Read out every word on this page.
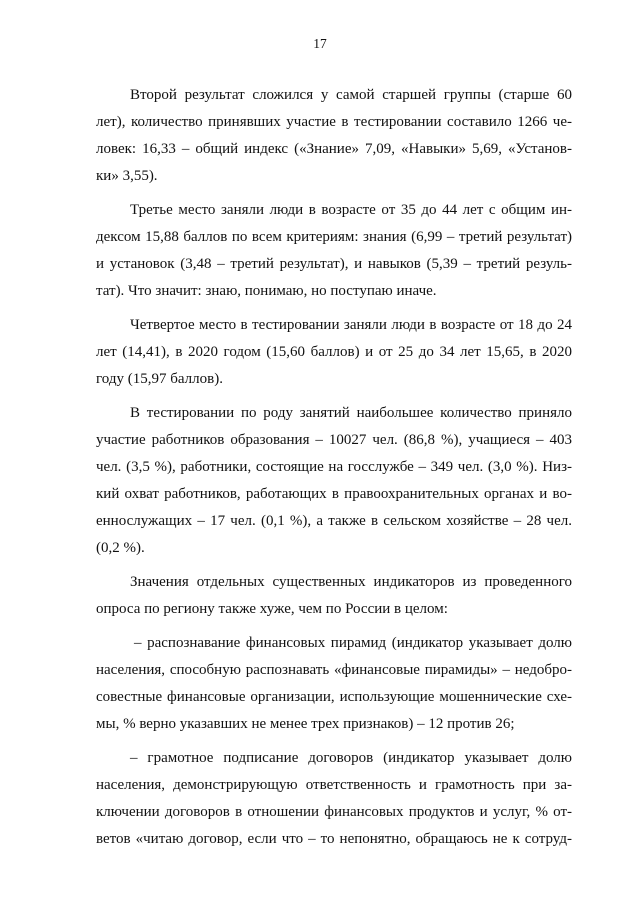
17
Второй результат сложился у самой старшей группы (старше 60
лет), количество принявших участие в тестировании составило 1266 че-
ловек: 16,33 – общий индекс («Знание» 7,09, «Навыки» 5,69, «Установ-
ки» 3,55).
Третье место заняли люди в возрасте от 35 до 44 лет с общим ин-
дексом 15,88 баллов по всем критериям: знания (6,99 – третий результат)
и установок (3,48 – третий результат), и навыков (5,39 – третий резуль-
тат). Что значит: знаю, понимаю, но поступаю иначе.
Четвертое место в тестировании заняли люди в возрасте от 18 до 24
лет (14,41), в 2020 годом (15,60 баллов) и от 25 до 34 лет 15,65, в 2020
году (15,97 баллов).
В тестировании по роду занятий наибольшее количество приняло
участие работников образования – 10027 чел. (86,8 %), учащиеся – 403
чел. (3,5 %), работники, состоящие на госслужбе – 349 чел. (3,0 %). Низ-
кий охват работников, работающих в правоохранительных органах и во-
еннослужащих – 17 чел. (0,1 %), а также в сельском хозяйстве – 28 чел.
(0,2 %).
Значения отдельных существенных индикаторов из проведенного
опроса по региону также хуже, чем по России в целом:
– распознавание финансовых пирамид (индикатор указывает долю
населения, способную распознавать «финансовые пирамиды» – недобро-
совестные финансовые организации, использующие мошеннические схе-
мы, % верно указавших не менее трех признаков) – 12 против 26;
– грамотное подписание договоров (индикатор указывает долю
населения, демонстрирующую ответственность и грамотность при за-
ключении договоров в отношении финансовых продуктов и услуг, % от-
ветов «читаю договор, если что – то непонятно, обращаюсь не к сотруд-
